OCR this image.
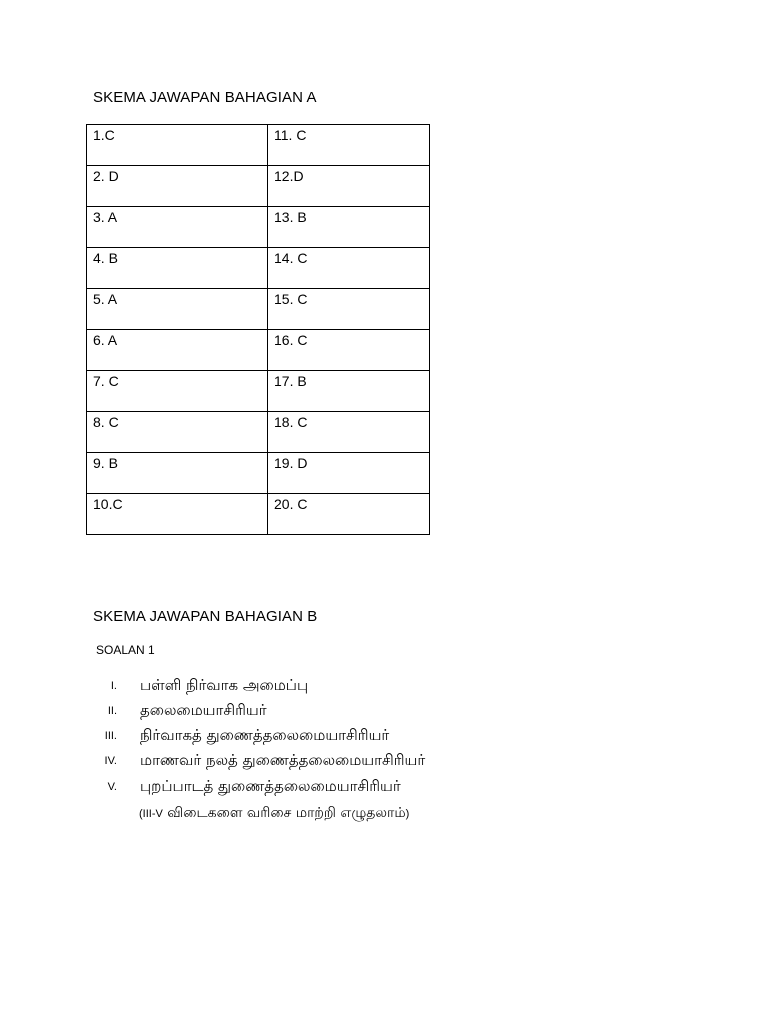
SKEMA JAWAPAN BAHAGIAN A
1.C	11. C
2. D	12.D
3. A	13. B
4. B	14. C
5. A	15. C
6. A	16. C
7. C	17. B
8. C	18. C
9. B	19. D
10.C	20. C
SKEMA JAWAPAN BAHAGIAN B
SOALAN 1
I. பள்ளி நிர்வாக அமைப்பு
II. தலைமையாசிரியர்
III. நிர்வாகத் துணைத்தலைமையாசிரியர்
IV. மாணவர் நலத் துணைத்தலைமையாசிரியர்
V. புறப்பாடத் துணைத்தலைமையாசிரியர்
(III-V விடைகளை வரிசை மாற்றி எழுதலாம்)
